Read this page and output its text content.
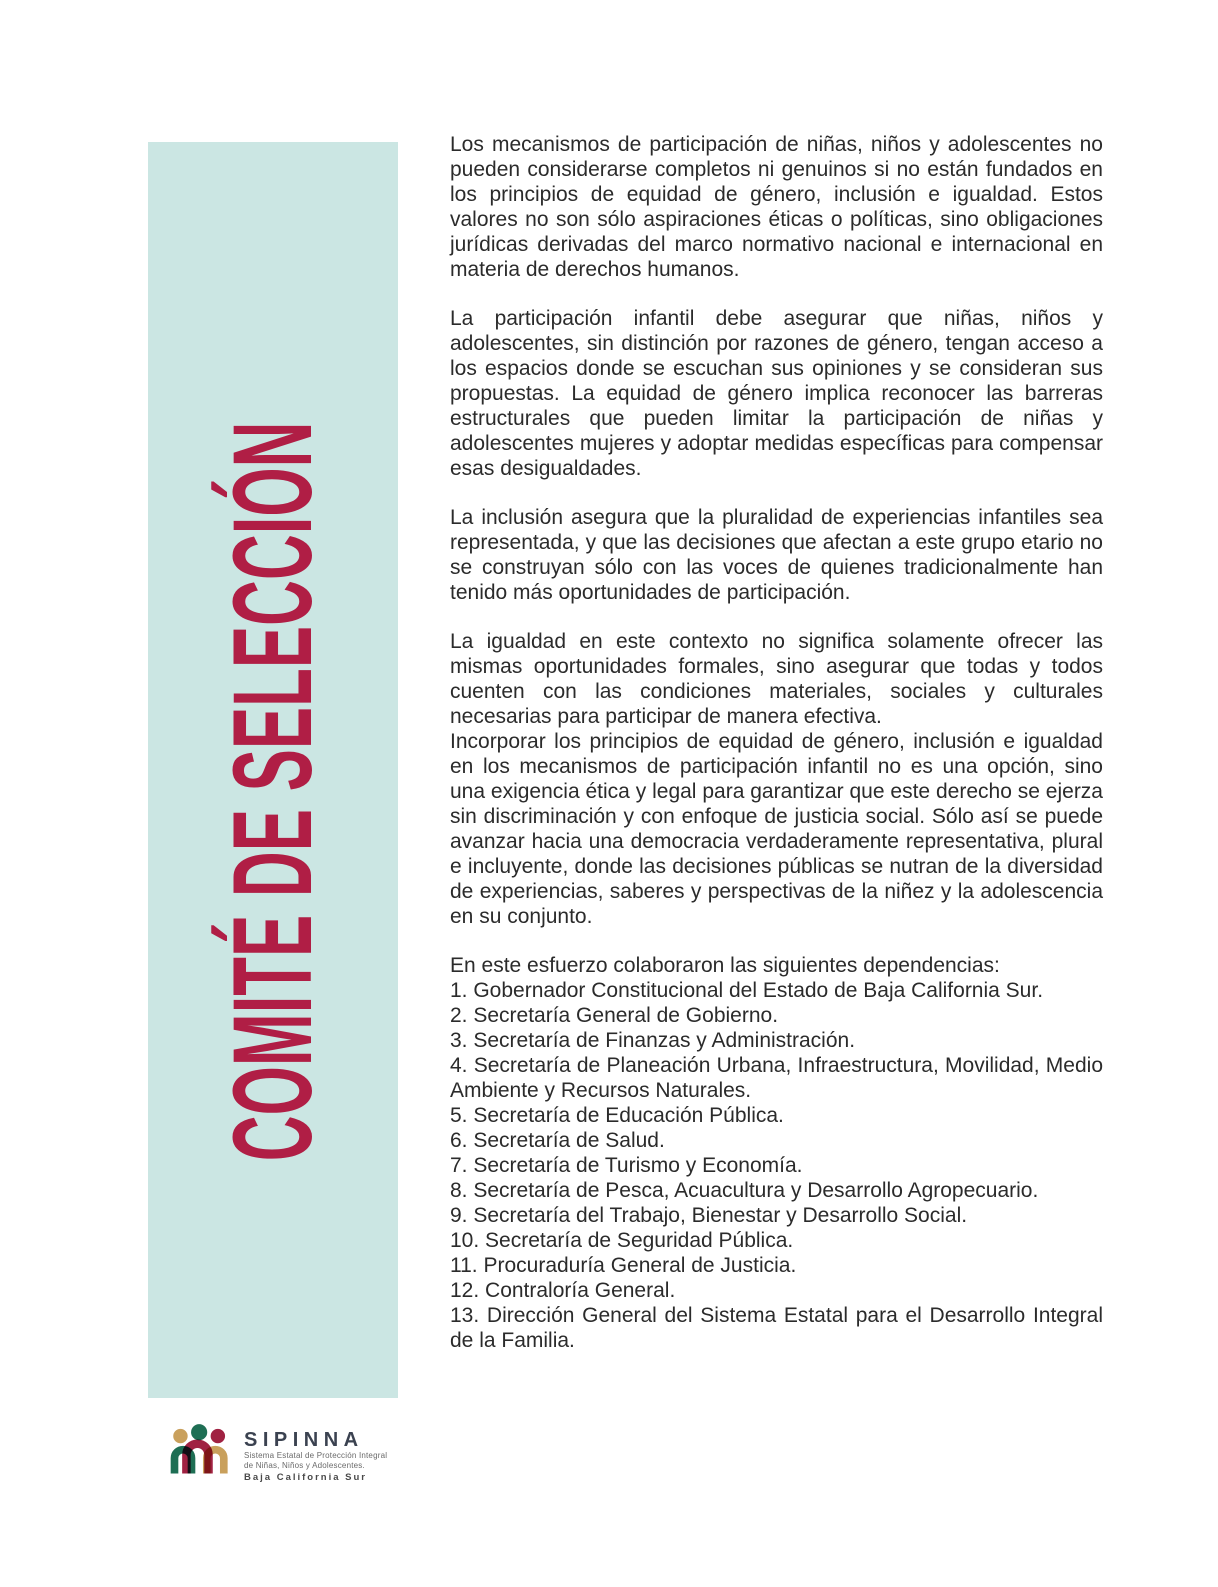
COMITÉ DE SELECCIÓN

Los mecanismos de participación de niñas, niños y adolescentes no pueden considerarse completos ni genuinos si no están fundados en los principios de equidad de género, inclusión e igualdad. Estos valores no son sólo aspiraciones éticas o políticas, sino obligaciones jurídicas derivadas del marco normativo nacional e internacional en materia de derechos humanos.

La participación infantil debe asegurar que niñas, niños y adolescentes, sin distinción por razones de género, tengan acceso a los espacios donde se escuchan sus opiniones y se consideran sus propuestas. La equidad de género implica reconocer las barreras estructurales que pueden limitar la participación de niñas y adolescentes mujeres y adoptar medidas específicas para compensar esas desigualdades.

La inclusión asegura que la pluralidad de experiencias infantiles sea representada, y que las decisiones que afectan a este grupo etario no se construyan sólo con las voces de quienes tradicionalmente han tenido más oportunidades de participación.

La igualdad en este contexto no significa solamente ofrecer las mismas oportunidades formales, sino asegurar que todas y todos cuenten con las condiciones materiales, sociales y culturales necesarias para participar de manera efectiva.

Incorporar los principios de equidad de género, inclusión e igualdad en los mecanismos de participación infantil no es una opción, sino una exigencia ética y legal para garantizar que este derecho se ejerza sin discriminación y con enfoque de justicia social. Sólo así se puede avanzar hacia una democracia verdaderamente representativa, plural e incluyente, donde las decisiones públicas se nutran de la diversidad de experiencias, saberes y perspectivas de la niñez y la adolescencia en su conjunto.

En este esfuerzo colaboraron las siguientes dependencias:

1. Gobernador Constitucional del Estado de Baja California Sur.

2. Secretaría General de Gobierno.

3. Secretaría de Finanzas y Administración.

4. Secretaría de Planeación Urbana, Infraestructura, Movilidad, Medio Ambiente y Recursos Naturales.

5. Secretaría de Educación Pública.

6. Secretaría de Salud.

7. Secretaría de Turismo y Economía.

8. Secretaría de Pesca, Acuacultura y Desarrollo Agropecuario.

9. Secretaría del Trabajo, Bienestar y Desarrollo Social.

10. Secretaría de Seguridad Pública.

11. Procuraduría General de Justicia.

12. Contraloría General.

13. Dirección General del Sistema Estatal para el Desarrollo Integral de la Familia.

SIPINNA
Sistema Estatal de Protección Integral
de Niñas, Niños y Adolescentes.
Baja California Sur
